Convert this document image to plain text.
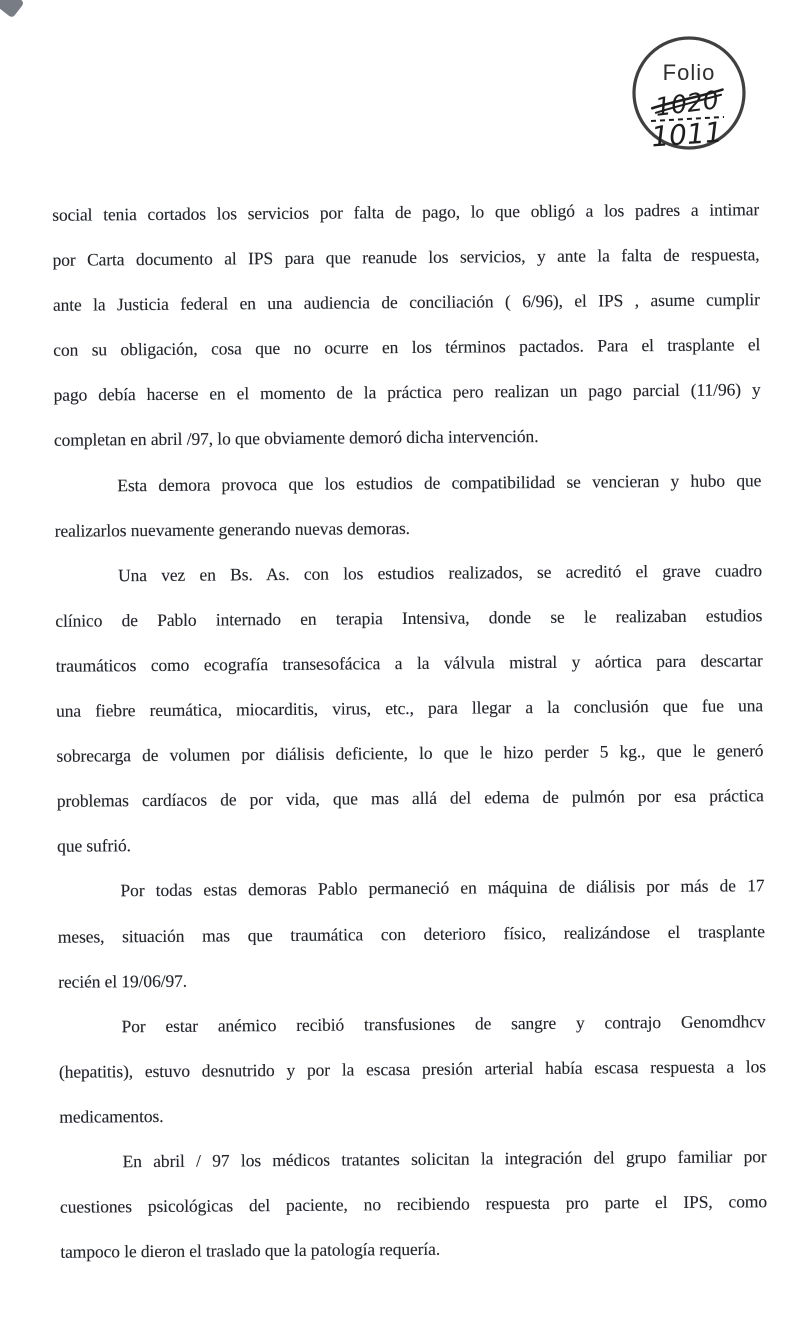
Folio
1020
1011
social tenia cortados los servicios por falta de pago, lo que obligó a los padres a intimar
por Carta documento al IPS para que reanude los servicios, y ante la falta de respuesta,
ante la Justicia federal en una audiencia de conciliación ( 6/96), el IPS , asume cumplir
con su obligación, cosa que no ocurre en los términos pactados. Para el trasplante el
pago debía hacerse en el momento de la práctica pero realizan un pago parcial (11/96) y
completan en abril /97, lo que obviamente demoró dicha intervención.
Esta demora provoca que los estudios de compatibilidad se vencieran y hubo que
realizarlos nuevamente generando nuevas demoras.
Una vez en Bs. As. con los estudios realizados, se acreditó el grave cuadro
clínico de Pablo internado en terapia Intensiva, donde se le realizaban estudios
traumáticos como ecografía transesofácica a la válvula mistral y aórtica para descartar
una fiebre reumática, miocarditis, virus, etc., para llegar a la conclusión que fue una
sobrecarga de volumen por diálisis deficiente, lo que le hizo perder 5 kg., que le generó
problemas cardíacos de por vida, que mas allá del edema de pulmón por esa práctica
que sufrió.
Por todas estas demoras Pablo permaneció en máquina de diálisis por más de 17
meses, situación mas que traumática con deterioro físico, realizándose el trasplante
recién el 19/06/97.
Por estar anémico recibió transfusiones de sangre y contrajo Genomdhcv
(hepatitis), estuvo desnutrido y por la escasa presión arterial había escasa respuesta a los
medicamentos.
En abril / 97 los médicos tratantes solicitan la integración del grupo familiar por
cuestiones psicológicas del paciente, no recibiendo respuesta pro parte el IPS, como
tampoco le dieron el traslado que la patología requería.
